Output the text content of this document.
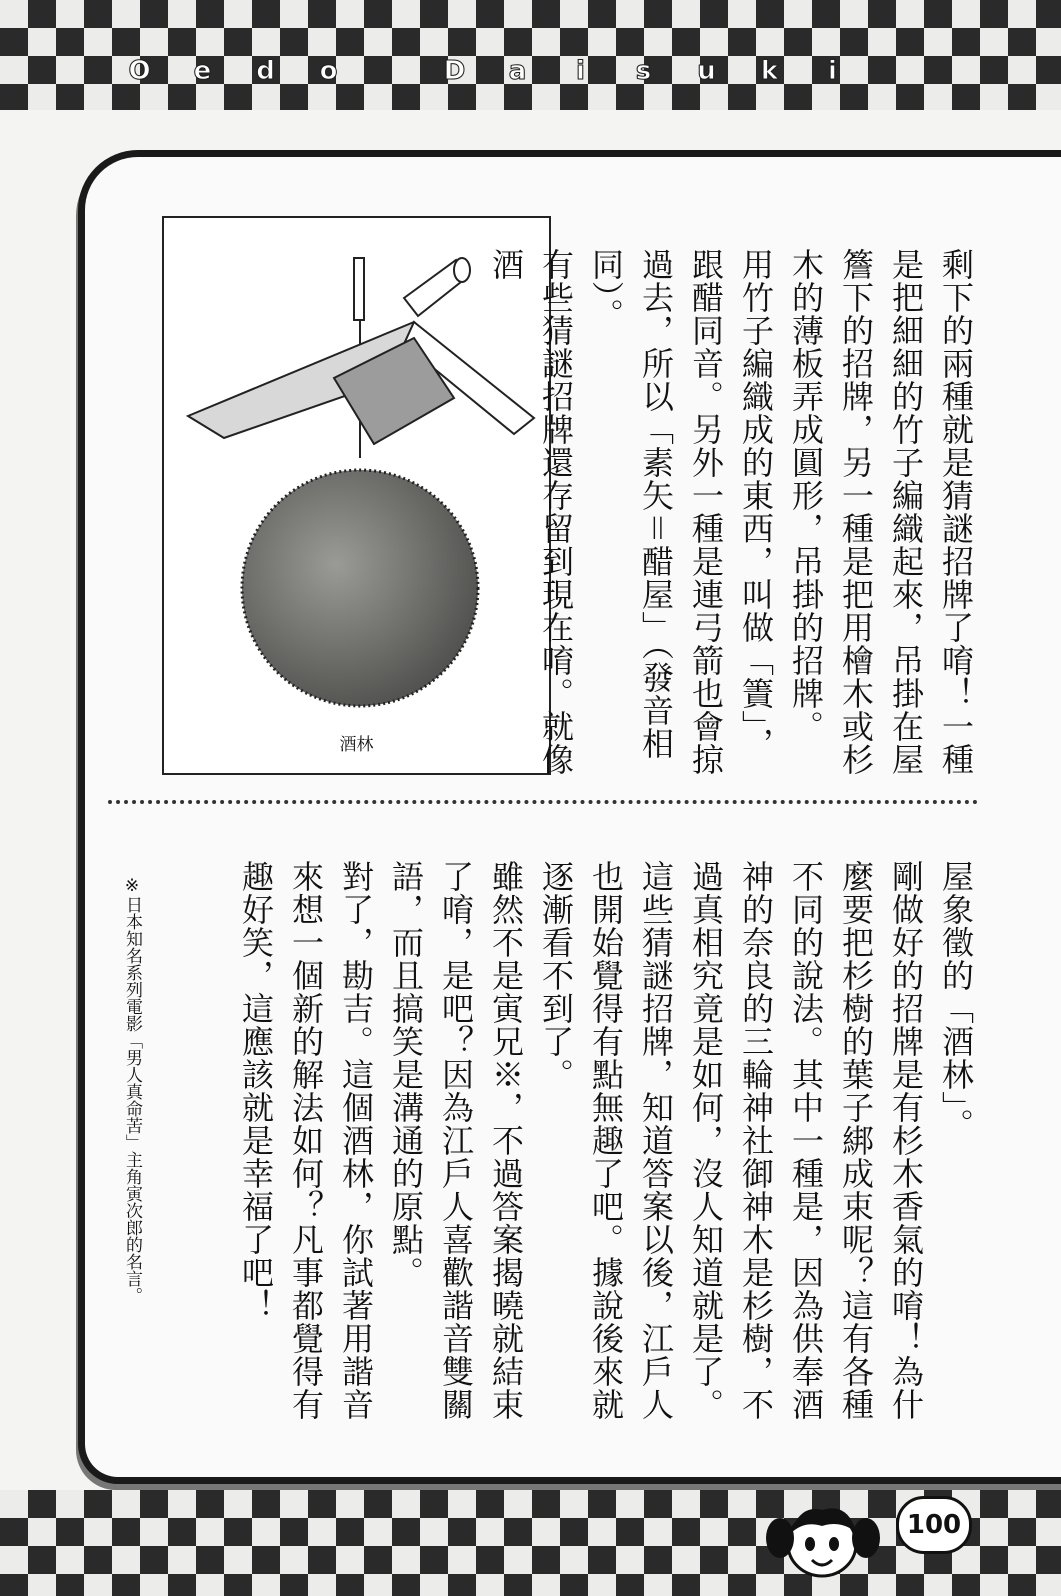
O	e	d	o	D	a	i	s	u	k	i
酒林	剩下的兩種就是猜謎招牌了唷！一種是把細細的竹子編織起來，吊掛在屋簷下的招牌，另一種是把用檜木或杉木的薄板弄成圓形，吊掛的招牌。

用竹子編織成的東西，叫做「簀」，跟醋同音。另外一種是連弓箭也會掠過去，所以「素矢＝醋屋」（發音相同）。

有些猜謎招牌還存留到現在唷。就像酒

屋象徵的「酒林」。

剛做好的招牌是有杉木香氣的唷！為什麼要把杉樹的葉子綁成束呢？這有各種不同的說法。其中一種是，因為供奉酒神的奈良的三輪神社御神木是杉樹，不過真相究竟是如何，沒人知道就是了。

這些猜謎招牌，知道答案以後，江戶人也開始覺得有點無趣了吧。據說後來就逐漸看不到了。

雖然不是寅兄※，不過答案揭曉就結束了唷，是吧？因為江戶人喜歡諧音雙關語，而且搞笑是溝通的原點。

對了，勘吉。這個酒林，你試著用諧音來想一個新的解法如何？凡事都覺得有趣好笑，這應該就是幸福了吧！

※日本知名系列電影「男人真命苦」主角寅次郎的名言。
100
